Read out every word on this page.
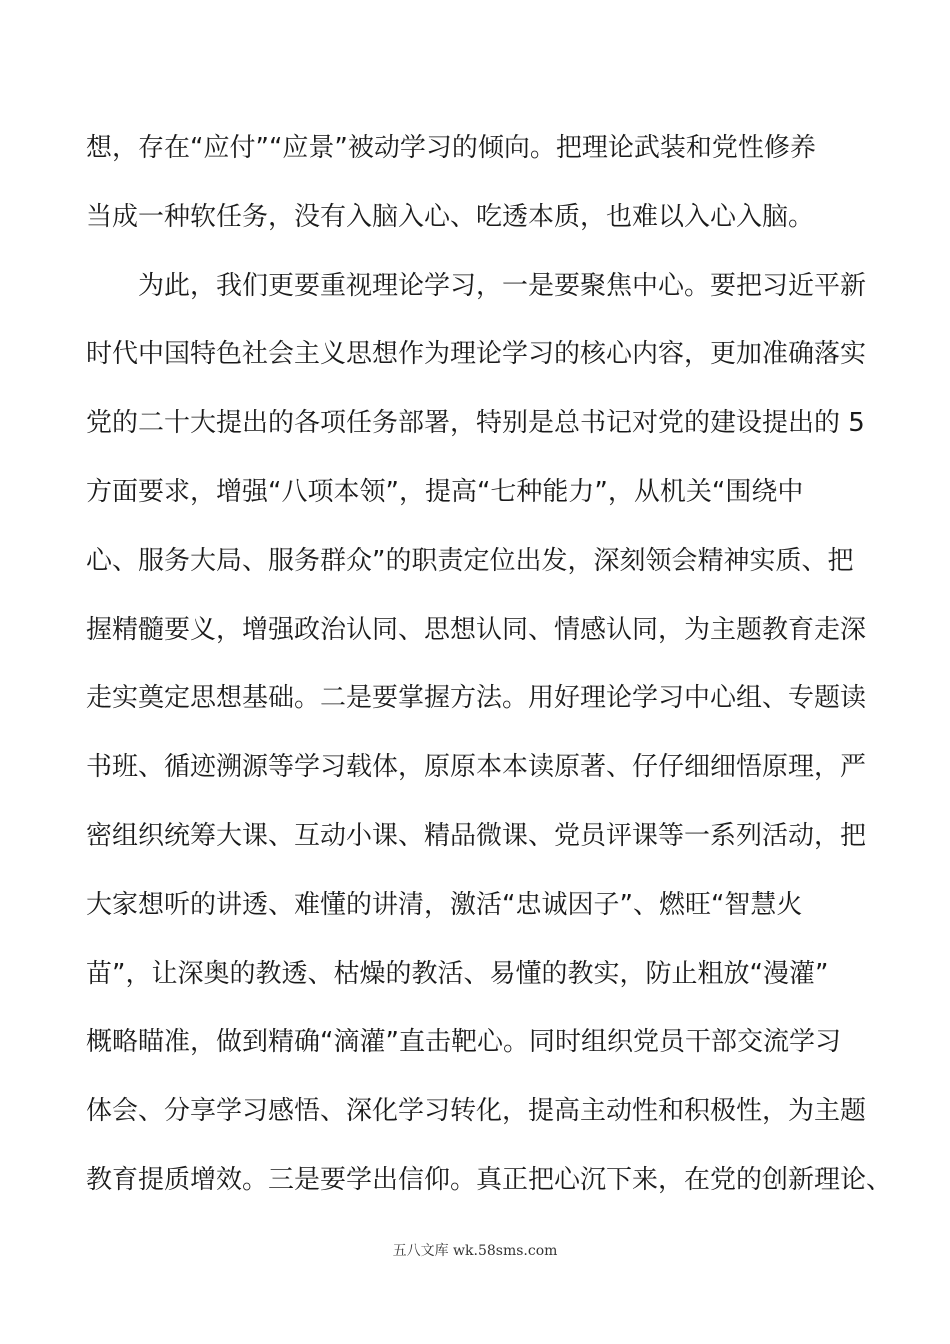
想，存在“应付”“应景”被动学习的倾向。把理论武装和党性修养
当成一种软任务，没有入脑入心、吃透本质，也难以入心入脑。
为此，我们更要重视理论学习，一是要聚焦中心。要把习近平新
时代中国特色社会主义思想作为理论学习的核心内容，更加准确落实
党的二十大提出的各项任务部署，特别是总书记对党的建设提出的 5
方面要求，增强“八项本领”，提高“七种能力”，从机关“围绕中
心、服务大局、服务群众”的职责定位出发，深刻领会精神实质、把
握精髓要义，增强政治认同、思想认同、情感认同，为主题教育走深
走实奠定思想基础。二是要掌握方法。用好理论学习中心组、专题读
书班、循迹溯源等学习载体，原原本本读原著、仔仔细细悟原理，严
密组织统筹大课、互动小课、精品微课、党员评课等一系列活动，把
大家想听的讲透、难懂的讲清，激活“忠诚因子”、燃旺“智慧火
苗”，让深奥的教透、枯燥的教活、易懂的教实，防止粗放“漫灌”
概略瞄准，做到精确“滴灌”直击靶心。同时组织党员干部交流学习
体会、分享学习感悟、深化学习转化，提高主动性和积极性，为主题
教育提质增效。三是要学出信仰。真正把心沉下来，在党的创新理论、
五八文库 wk.58sms.com
